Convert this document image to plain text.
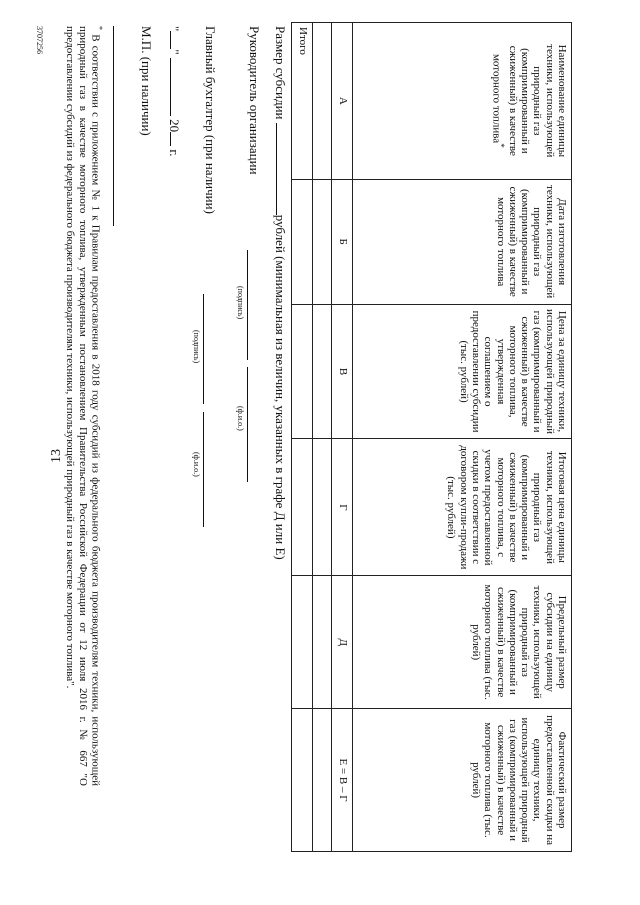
13
Наименование единицы техники, использующей природный газ (компримированный и сжиженный) в качестве моторного топлива*	Дата изготовления техники, использующей природный газ (компримированный и сжиженный) в качестве моторного топлива	Цена за единицу техники, использующей природный газ (компримированный и сжиженный) в качестве моторного топлива, утвержденная соглашением о предоставлении субсидии (тыс. рублей)	Итоговая цена единицы техники, использующей природный газ (компримированный и сжиженный) в качестве моторного топлива, с учетом предоставленной скидки в соответствии с договором купли-продажи (тыс. рублей)	Предельный размер субсидии на единицу техники, использующей природный газ (компримированный и сжиженный) в качестве моторного топлива (тыс. рублей)	Фактический размер предоставленной скидки на единицу техники, использующей природный газ (компримированный и сжиженный) в качестве моторного топлива (тыс. рублей)
А	Б	В	Г	Д	Е = В – Г

Итого					
Размер субсидии рублей (минимальная из величин, указанных в графе Д или Е)
Руководитель организации
(подпись)
(ф.и.о.)
Главный бухгалтер (при наличии)
(подпись)
(ф.и.о.)
""  20 г.
М.П. (при наличии)
* В соответствии с приложением № 1 к Правилам предоставления в 2018 году субсидий из федерального бюджета производителям техники, использующей природный газ в качестве моторного топлива, утвержденным постановлением Правительства Российской Федерации от 12 июля 2016 г. № 667 "О предоставлении субсидий из федерального бюджета производителям техники, использующей природный газ в качестве моторного топлива".
3707256
